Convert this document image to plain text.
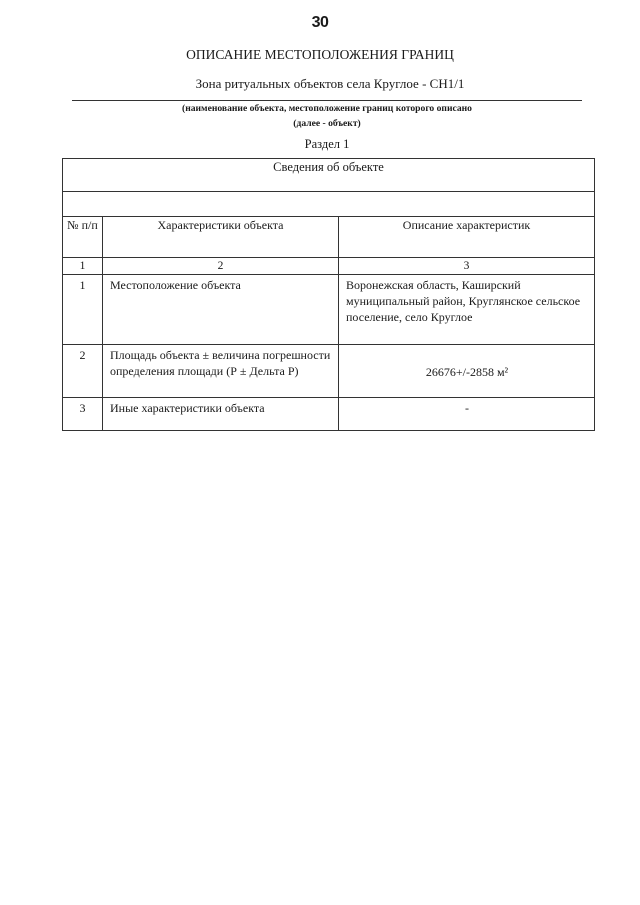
30
ОПИСАНИЕ МЕСТОПОЛОЖЕНИЯ ГРАНИЦ
Зона ритуальных объектов села Круглое - СН1/1
(наименование объекта, местоположение границ которого описано
(далее - объект)
Раздел 1
Сведения об объекте		

№ п/п	Характеристики объекта	Описание характеристик
1	2	3
1	Местоположение объекта	Воронежская область, Каширский муниципальный район, Круглянское сельское поселение, село Круглое
2	Площадь объекта ± величина погрешности определения площади (Р ± Дельта Р)	26676+/-2858 м²
3	Иные характеристики объекта	-
